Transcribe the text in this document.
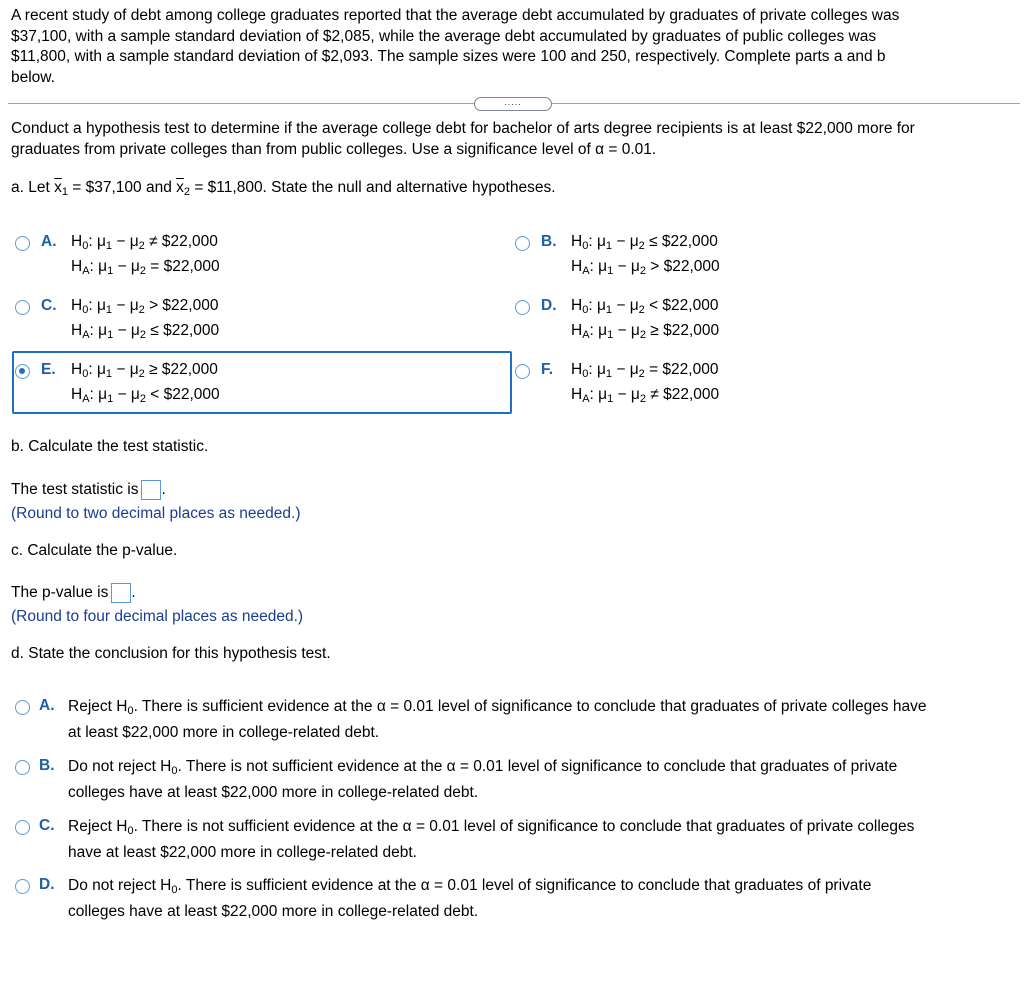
A recent study of debt among college graduates reported that the average debt accumulated by graduates of private colleges was

$37,100, with a sample standard deviation of $2,085, while the average debt accumulated by graduates of public colleges was

$11,800, with a sample standard deviation of $2,093. The sample sizes were 100 and 250, respectively. Complete parts a and b

below.

.....

Conduct a hypothesis test to determine if the average college debt for bachelor of arts degree recipients is at least $22,000 more for

graduates from private colleges than from public colleges. Use a significance level of α = 0.01.

a. Let $\overline{x}_1$ = $37,100 and $\overline{x}_2$ = $11,800. State the null and alternative hypotheses.
A. $H_0$: $\mu_1 - \mu_2$ ≠ $22,000
$H_A$: $\mu_1 - \mu_2$ = $22,000
B. $H_0$: $\mu_1 - \mu_2$ ≤ $22,000
$H_A$: $\mu_1 - \mu_2$ > $22,000
C. $H_0$: $\mu_1 - \mu_2$ > $22,000
$H_A$: $\mu_1 - \mu_2$ ≤ $22,000
D. $H_0$: $\mu_1 - \mu_2$ < $22,000
$H_A$: $\mu_1 - \mu_2$ ≥ $22,000
E. $H_0$: $\mu_1 - \mu_2$ ≥ $22,000
$H_A$: $\mu_1 - \mu_2$ < $22,000
F. $H_0$: $\mu_1 - \mu_2$ = $22,000
$H_A$: $\mu_1 - \mu_2$ ≠ $22,000
b. Calculate the test statistic.
The test statistic is .
(Round to two decimal places as needed.)
c. Calculate the p-value.
The p-value is .
(Round to four decimal places as needed.)
d. State the conclusion for this hypothesis test.
A. Reject $H_0$. There is sufficient evidence at the α = 0.01 level of significance to conclude that graduates of private colleges have
at least $22,000 more in college-related debt.
B. Do not reject $H_0$. There is not sufficient evidence at the α = 0.01 level of significance to conclude that graduates of private
colleges have at least $22,000 more in college-related debt.
C. Reject $H_0$. There is not sufficient evidence at the α = 0.01 level of significance to conclude that graduates of private colleges
have at least $22,000 more in college-related debt.
D. Do not reject $H_0$. There is sufficient evidence at the α = 0.01 level of significance to conclude that graduates of private
colleges have at least $22,000 more in college-related debt.
